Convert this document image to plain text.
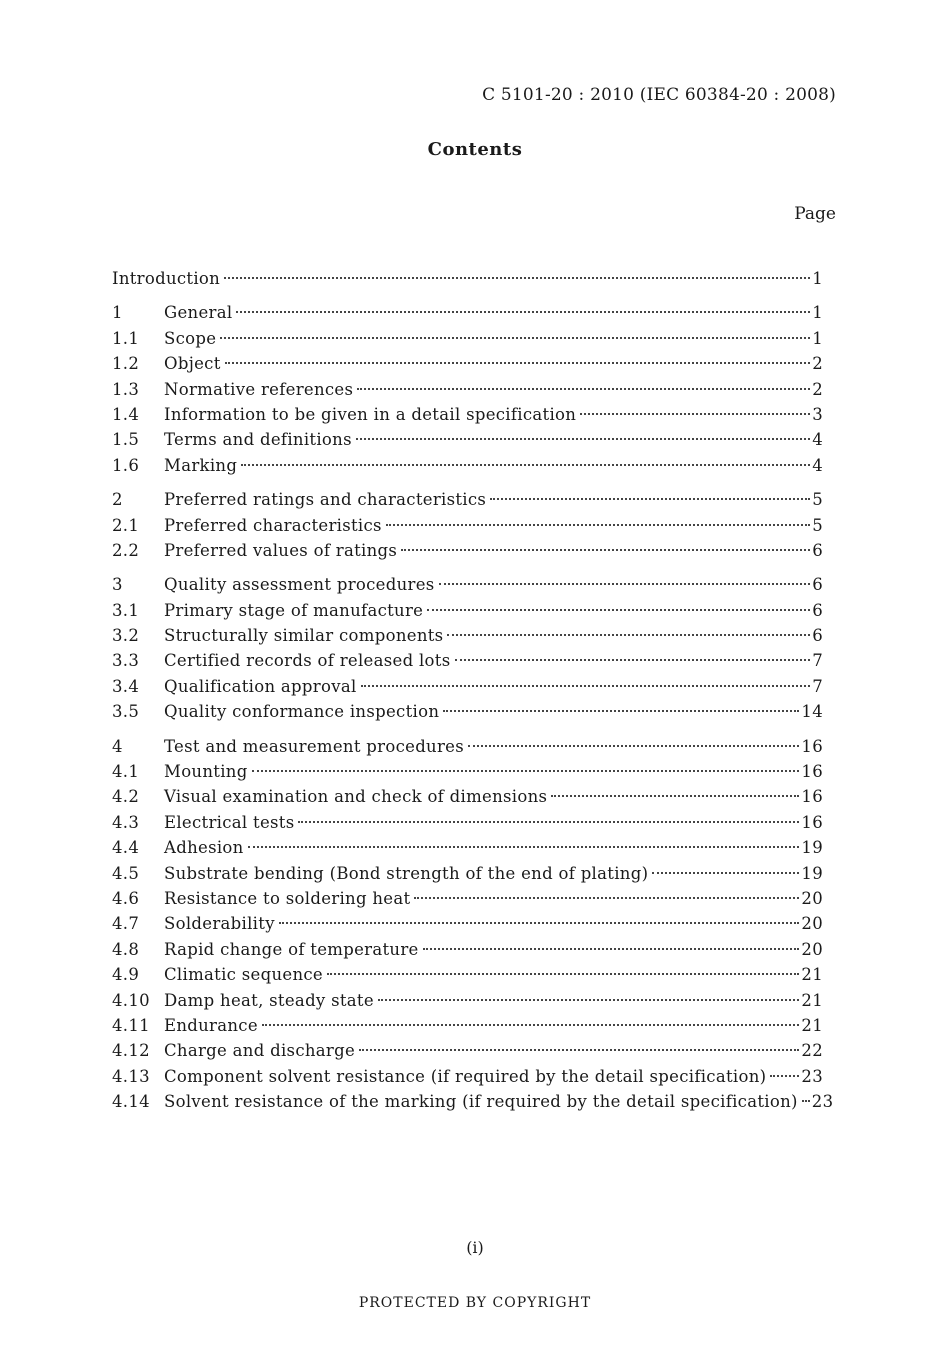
C 5101-20 : 2010 (IEC 60384-20 : 2008)
Contents
Page
Introduction	1
1	General	1
1.1	Scope	1
1.2	Object	2
1.3	Normative references	2
1.4	Information to be given in a detail specification	3
1.5	Terms and definitions	4
1.6	Marking	4
2	Preferred ratings and characteristics	5
2.1	Preferred characteristics	5
2.2	Preferred values of ratings	6
3	Quality assessment procedures	6
3.1	Primary stage of manufacture	6
3.2	Structurally similar components	6
3.3	Certified records of released lots	7
3.4	Qualification approval	7
3.5	Quality conformance inspection	14
4	Test and measurement procedures	16
4.1	Mounting	16
4.2	Visual examination and check of dimensions	16
4.3	Electrical tests	16
4.4	Adhesion	19
4.5	Substrate bending (Bond strength of the end of plating)	19
4.6	Resistance to soldering heat	20
4.7	Solderability	20
4.8	Rapid change of temperature	20
4.9	Climatic sequence	21
4.10 Damp heat, steady state	21
4.11 Endurance	21
4.12 Charge and discharge	22
4.13 Component solvent resistance (if required by the detail specification) 23
4.14 Solvent resistance of the marking (if required by the detail specification) 23
(i)
PROTECTED BY COPYRIGHT
